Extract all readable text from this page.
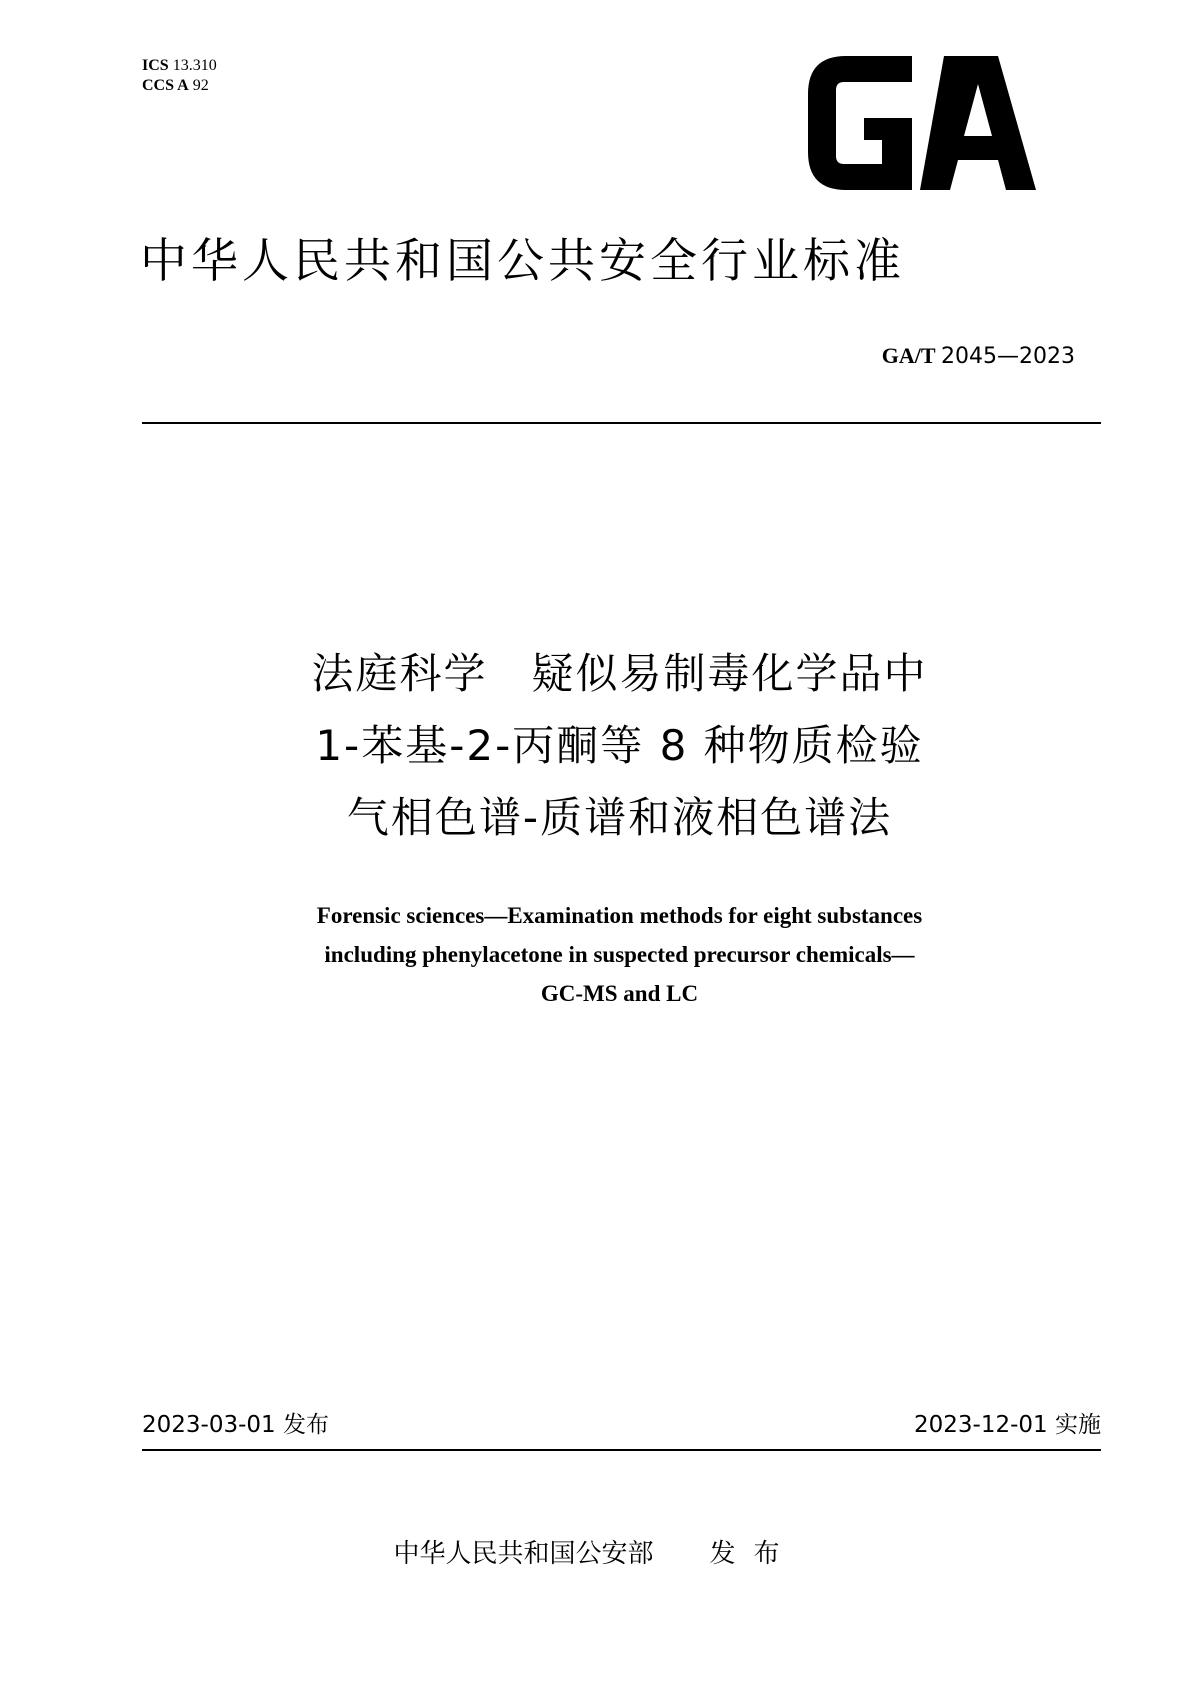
ICS 13.310
CCS A 92
中华人民共和国公共安全行业标准
GA/T 2045—2023
法庭科学　疑似易制毒化学品中
1-苯基-2-丙酮等 8 种物质检验
气相色谱-质谱和液相色谱法
Forensic sciences—Examination methods for eight substances
including phenylacetone in suspected precursor chemicals—
GC-MS and LC
2023-03-01 发布	2023-12-01 实施
中华人民共和国公安部 发布
